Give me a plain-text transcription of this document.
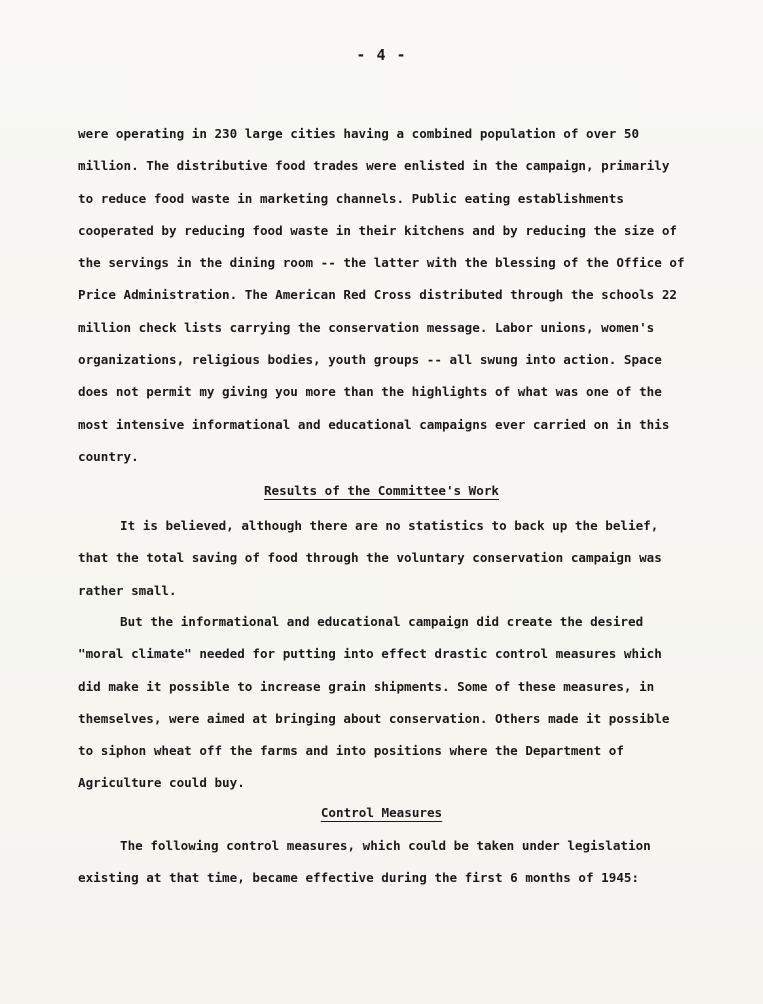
- 4 -

were operating in 230 large cities having a combined population of over 50 million. The distributive food trades were enlisted in the campaign, primarily to reduce food waste in marketing channels. Public eating establishments cooperated by reducing food waste in their kitchens and by reducing the size of the servings in the dining room -- the latter with the blessing of the Office of Price Administration. The American Red Cross distributed through the schools 22 million check lists carrying the conservation message. Labor unions, women's organizations, religious bodies, youth groups -- all swung into action. Space does not permit my giving you more than the highlights of what was one of the most intensive informational and educational campaigns ever carried on in this country.

Results of the Committee's Work

It is believed, although there are no statistics to back up the belief, that the total saving of food through the voluntary conservation campaign was rather small.

But the informational and educational campaign did create the desired "moral climate" needed for putting into effect drastic control measures which did make it possible to increase grain shipments. Some of these measures, in themselves, were aimed at bringing about conservation. Others made it possible to siphon wheat off the farms and into positions where the Department of Agriculture could buy.

Control Measures

The following control measures, which could be taken under legislation existing at that time, became effective during the first 6 months of 1945:
